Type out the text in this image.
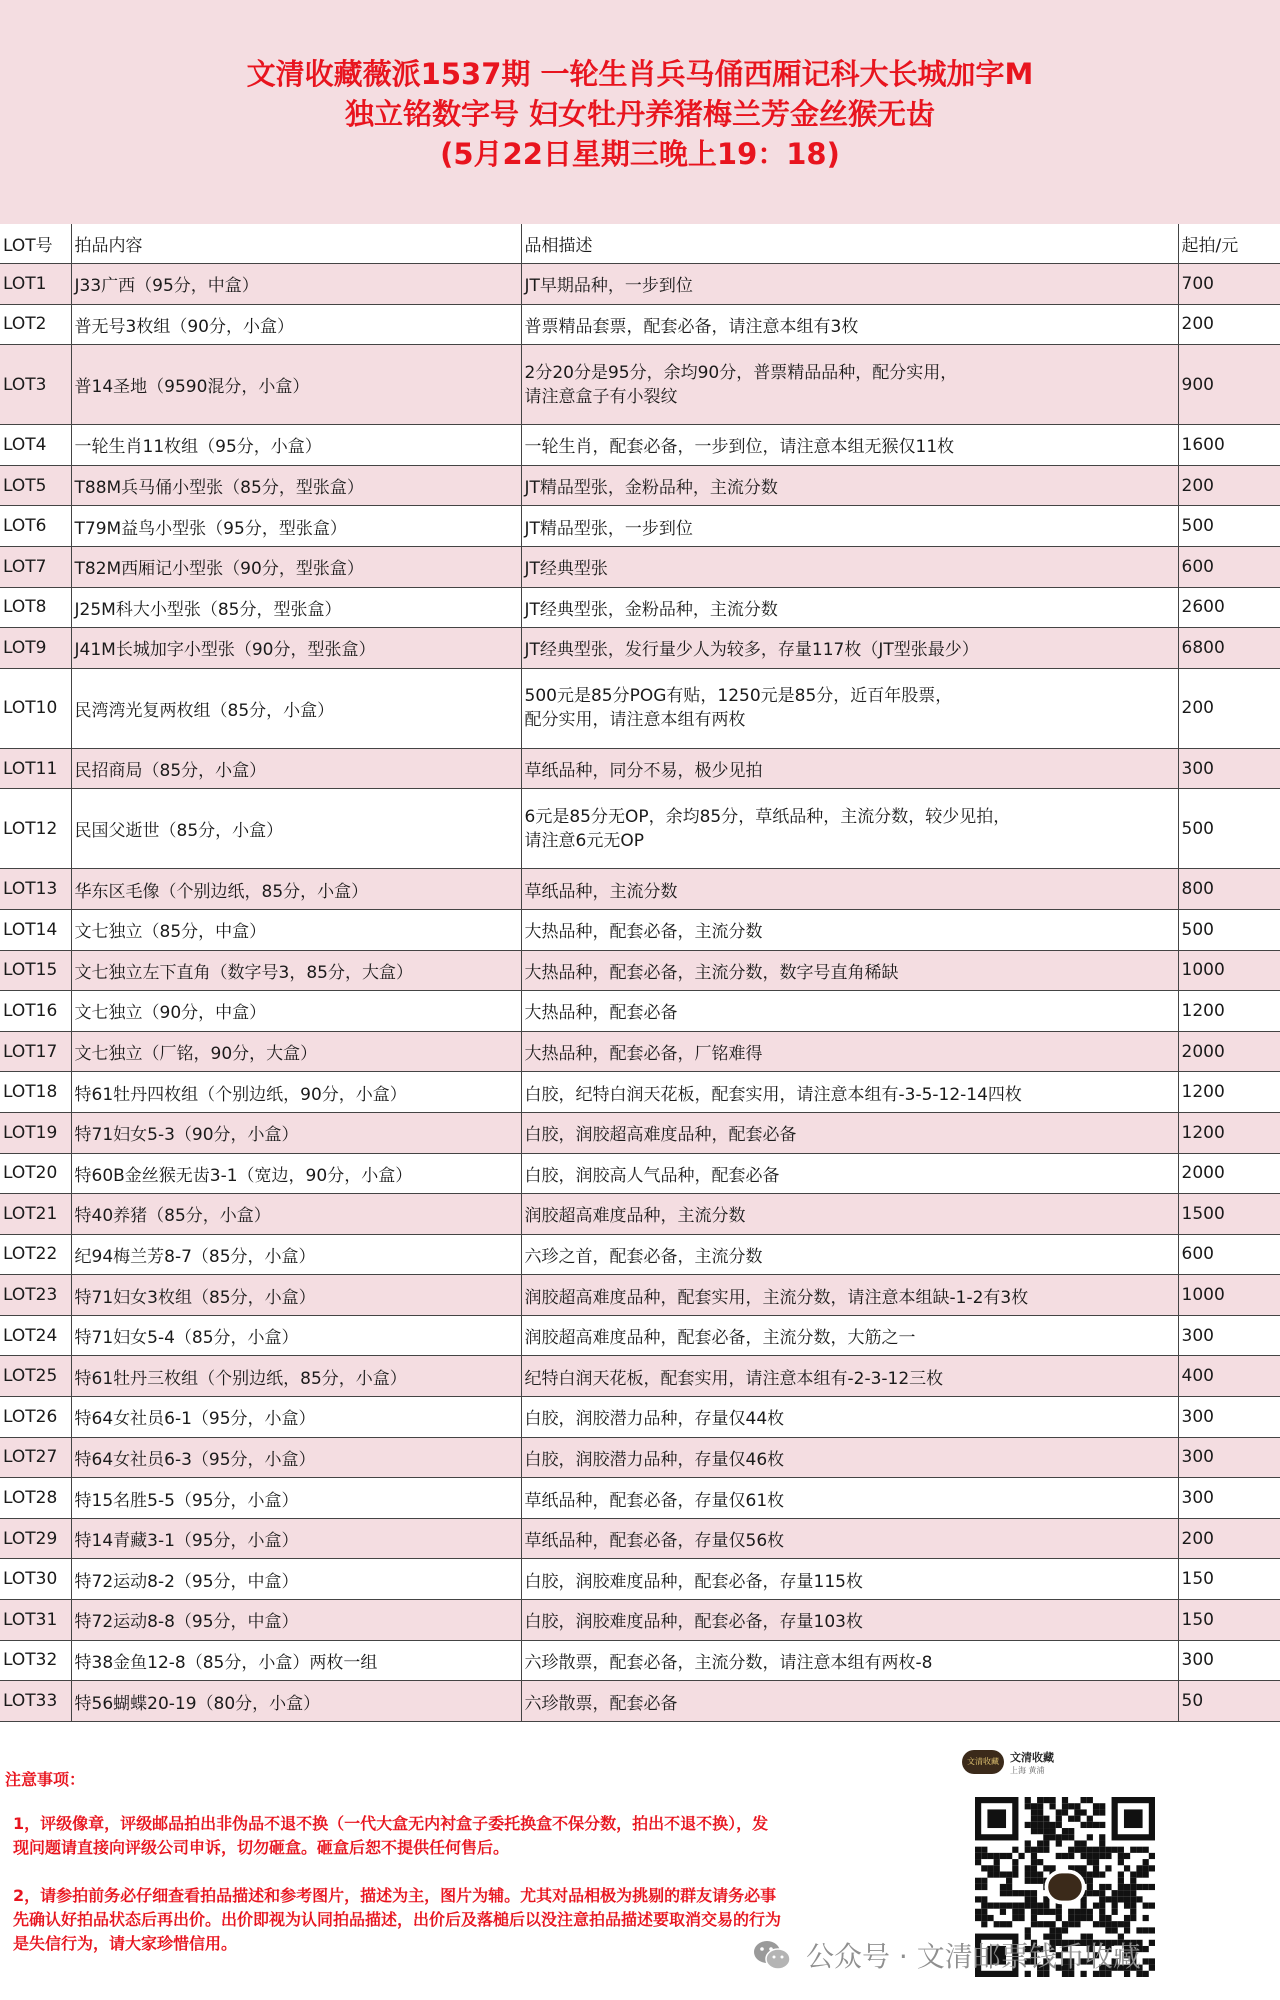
文清收藏薇派1537期 一轮生肖兵马俑西厢记科大长城加字M
独立铭数字号 妇女牡丹养猪梅兰芳金丝猴无齿
(5月22日星期三晚上19：18)
LOT号	拍品内容	品相描述	起拍/元
LOT1	J33广西（95分，中盒）	JT早期品种，一步到位	700
LOT2	普无号3枚组（90分，小盒）	普票精品套票，配套必备，请注意本组有3枚	200
LOT3	普14圣地（9590混分，小盒）	2分20分是95分，余均90分，普票精品品种，配分实用，
请注意盒子有小裂纹	900
LOT4	一轮生肖11枚组（95分，小盒）	一轮生肖，配套必备，一步到位，请注意本组无猴仅11枚	1600
LOT5	T88M兵马俑小型张（85分，型张盒）	JT精品型张，金粉品种，主流分数	200
LOT6	T79M益鸟小型张（95分，型张盒）	JT精品型张，一步到位	500
LOT7	T82M西厢记小型张（90分，型张盒）	JT经典型张	600
LOT8	J25M科大小型张（85分，型张盒）	JT经典型张，金粉品种，主流分数	2600
LOT9	J41M长城加字小型张（90分，型张盒）	JT经典型张，发行量少人为较多，存量117枚（JT型张最少）	6800
LOT10	民湾湾光复两枚组（85分，小盒）	500元是85分POG有贴，1250元是85分，近百年股票，
配分实用，请注意本组有两枚	200
LOT11	民招商局（85分，小盒）	草纸品种，同分不易，极少见拍	300
LOT12	民国父逝世（85分，小盒）	6元是85分无OP，余均85分，草纸品种，主流分数，较少见拍，
请注意6元无OP	500
LOT13	华东区毛像（个别边纸，85分，小盒）	草纸品种，主流分数	800
LOT14	文七独立（85分，中盒）	大热品种，配套必备，主流分数	500
LOT15	文七独立左下直角（数字号3，85分，大盒）	大热品种，配套必备，主流分数，数字号直角稀缺	1000
LOT16	文七独立（90分，中盒）	大热品种，配套必备	1200
LOT17	文七独立（厂铭，90分，大盒）	大热品种，配套必备，厂铭难得	2000
LOT18	特61牡丹四枚组（个别边纸，90分，小盒）	白胶，纪特白润天花板，配套实用，请注意本组有-3-5-12-14四枚	1200
LOT19	特71妇女5-3（90分，小盒）	白胶，润胶超高难度品种，配套必备	1200
LOT20	特60B金丝猴无齿3-1（宽边，90分，小盒）	白胶，润胶高人气品种，配套必备	2000
LOT21	特40养猪（85分，小盒）	润胶超高难度品种，主流分数	1500
LOT22	纪94梅兰芳8-7（85分，小盒）	六珍之首，配套必备，主流分数	600
LOT23	特71妇女3枚组（85分，小盒）	润胶超高难度品种，配套实用，主流分数，请注意本组缺-1-2有3枚	1000
LOT24	特71妇女5-4（85分，小盒）	润胶超高难度品种，配套必备，主流分数，大筋之一	300
LOT25	特61牡丹三枚组（个别边纸，85分，小盒）	纪特白润天花板，配套实用，请注意本组有-2-3-12三枚	400
LOT26	特64女社员6-1（95分，小盒）	白胶，润胶潜力品种，存量仅44枚	300
LOT27	特64女社员6-3（95分，小盒）	白胶，润胶潜力品种，存量仅46枚	300
LOT28	特15名胜5-5（95分，小盒）	草纸品种，配套必备，存量仅61枚	300
LOT29	特14青藏3-1（95分，小盒）	草纸品种，配套必备，存量仅56枚	200
LOT30	特72运动8-2（95分，中盒）	白胶，润胶难度品种，配套必备，存量115枚	150
LOT31	特72运动8-8（95分，中盒）	白胶，润胶难度品种，配套必备，存量103枚	150
LOT32	特38金鱼12-8（85分，小盒）两枚一组	六珍散票，配套必备，主流分数，请注意本组有两枚-8	300
LOT33	特56蝴蝶20-19（80分，小盒）	六珍散票，配套必备	50
注意事项：
1，评级像章，评级邮品拍出非伪品不退不换（一代大盒无内衬盒子委托换盒不保分数，拍出不退不换），发现问题请直接向评级公司申诉，切勿砸盒。砸盒后恕不提供任何售后。
2，请参拍前务必仔细查看拍品描述和参考图片，描述为主，图片为辅。尤其对品相极为挑剔的群友请务必事先确认好拍品状态后再出价。出价即视为认同拍品描述，出价后及落槌后以没注意拍品描述要取消交易的行为是失信行为，请大家珍惜信用。
文清收藏	文清收藏
上海 黄浦
公众号 · 文清邮票钱币收藏
